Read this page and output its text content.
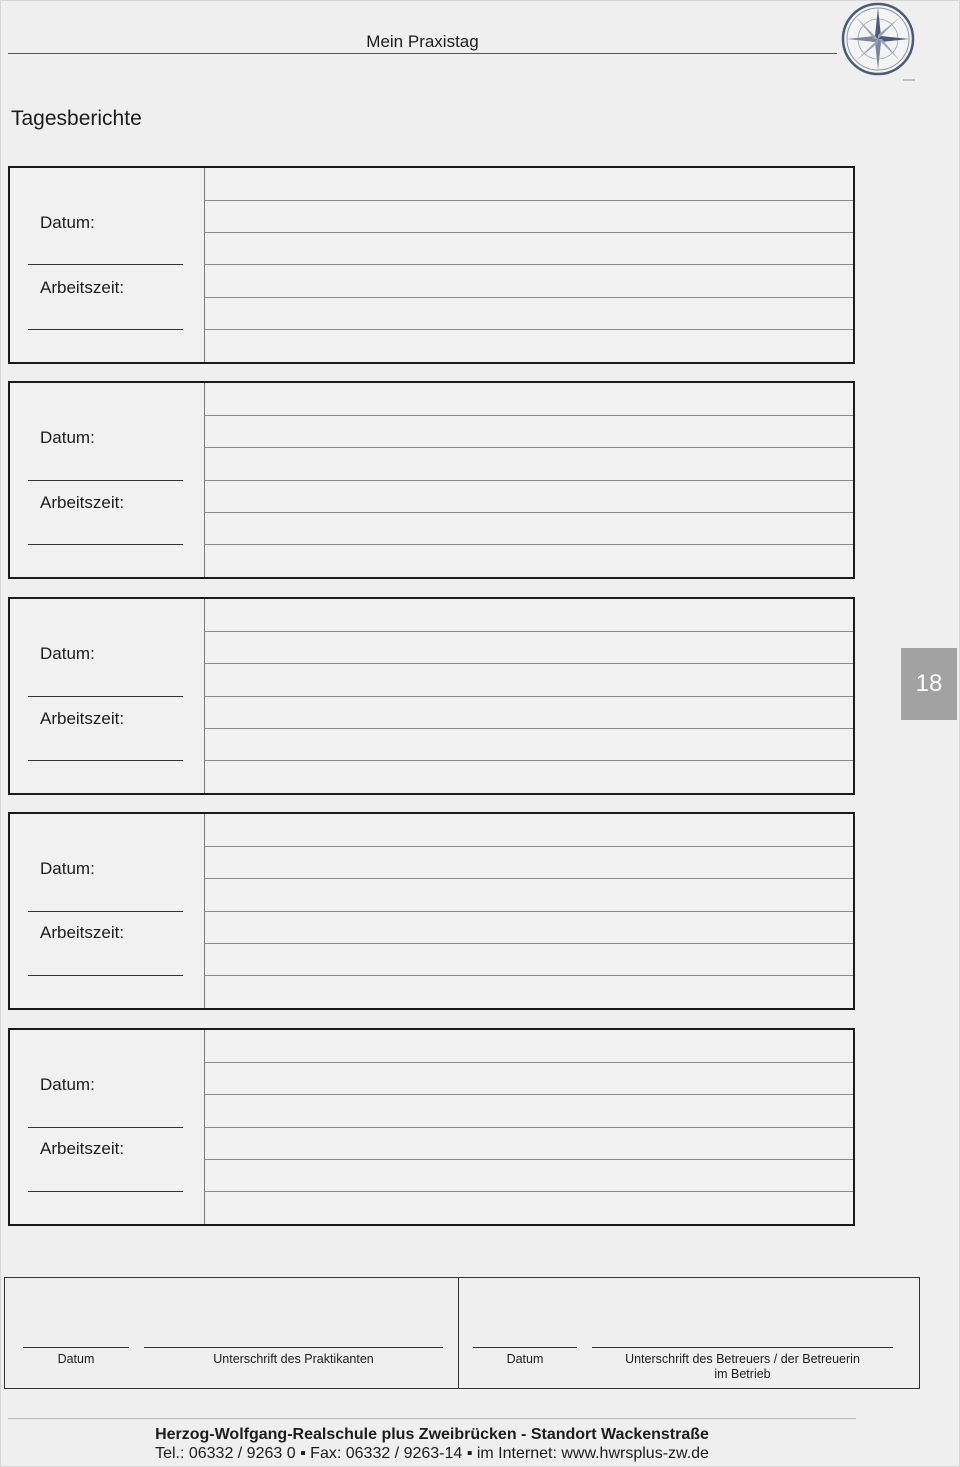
Mein Praxistag
Tagesberichte
Datum:
Arbeitszeit:
Datum:
Arbeitszeit:
Datum:
Arbeitszeit:
Datum:
Arbeitszeit:
Datum:
Arbeitszeit:
18
Datum	Unterschrift des Praktikanten	Datum	Unterschrift des Betreuers / der Betreuerin
im Betrieb
Herzog-Wolfgang-Realschule plus Zweibrücken - Standort Wackenstraße
Tel.: 06332 / 9263 0 ▪ Fax: 06332 / 9263-14 ▪ im Internet: www.hwrsplus-zw.de
